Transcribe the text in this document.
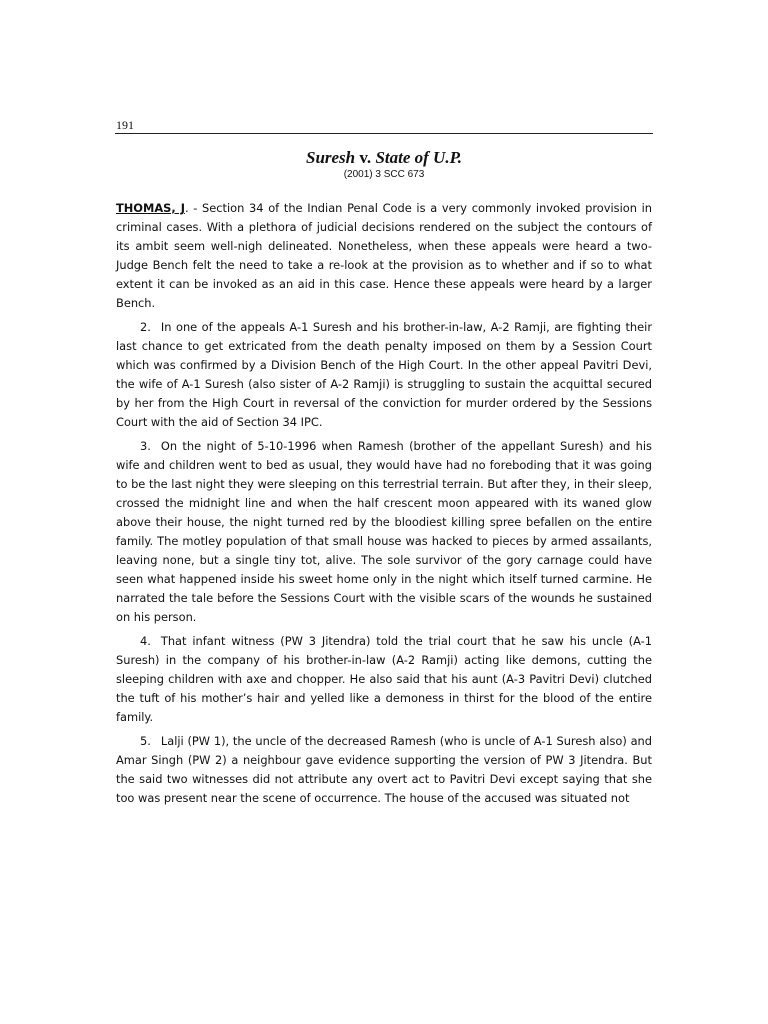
191
Suresh v. State of U.P.
(2001) 3 SCC 673

THOMAS, J. - Section 34 of the Indian Penal Code is a very commonly invoked provision in criminal cases. With a plethora of judicial decisions rendered on the subject the contours of its ambit seem well-nigh delineated. Nonetheless, when these appeals were heard a two-Judge Bench felt the need to take a re-look at the provision as to whether and if so to what extent it can be invoked as an aid in this case. Hence these appeals were heard by a larger Bench.

2. In one of the appeals A-1 Suresh and his brother-in-law, A-2 Ramji, are fighting their last chance to get extricated from the death penalty imposed on them by a Session Court which was confirmed by a Division Bench of the High Court. In the other appeal Pavitri Devi, the wife of A-1 Suresh (also sister of A-2 Ramji) is struggling to sustain the acquittal secured by her from the High Court in reversal of the conviction for murder ordered by the Sessions Court with the aid of Section 34 IPC.

3. On the night of 5-10-1996 when Ramesh (brother of the appellant Suresh) and his wife and children went to bed as usual, they would have had no foreboding that it was going to be the last night they were sleeping on this terrestrial terrain. But after they, in their sleep, crossed the midnight line and when the half crescent moon appeared with its waned glow above their house, the night turned red by the bloodiest killing spree befallen on the entire family. The motley population of that small house was hacked to pieces by armed assailants, leaving none, but a single tiny tot, alive. The sole survivor of the gory carnage could have seen what happened inside his sweet home only in the night which itself turned carmine. He narrated the tale before the Sessions Court with the visible scars of the wounds he sustained on his person.

4. That infant witness (PW 3 Jitendra) told the trial court that he saw his uncle (A-1 Suresh) in the company of his brother-in-law (A-2 Ramji) acting like demons, cutting the sleeping children with axe and chopper. He also said that his aunt (A-3 Pavitri Devi) clutched the tuft of his mother’s hair and yelled like a demoness in thirst for the blood of the entire family.

5. Lalji (PW 1), the uncle of the decreased Ramesh (who is uncle of A-1 Suresh also) and Amar Singh (PW 2) a neighbour gave evidence supporting the version of PW 3 Jitendra. But the said two witnesses did not attribute any overt act to Pavitri Devi except saying that she too was present near the scene of occurrence. The house of the accused was situated not
